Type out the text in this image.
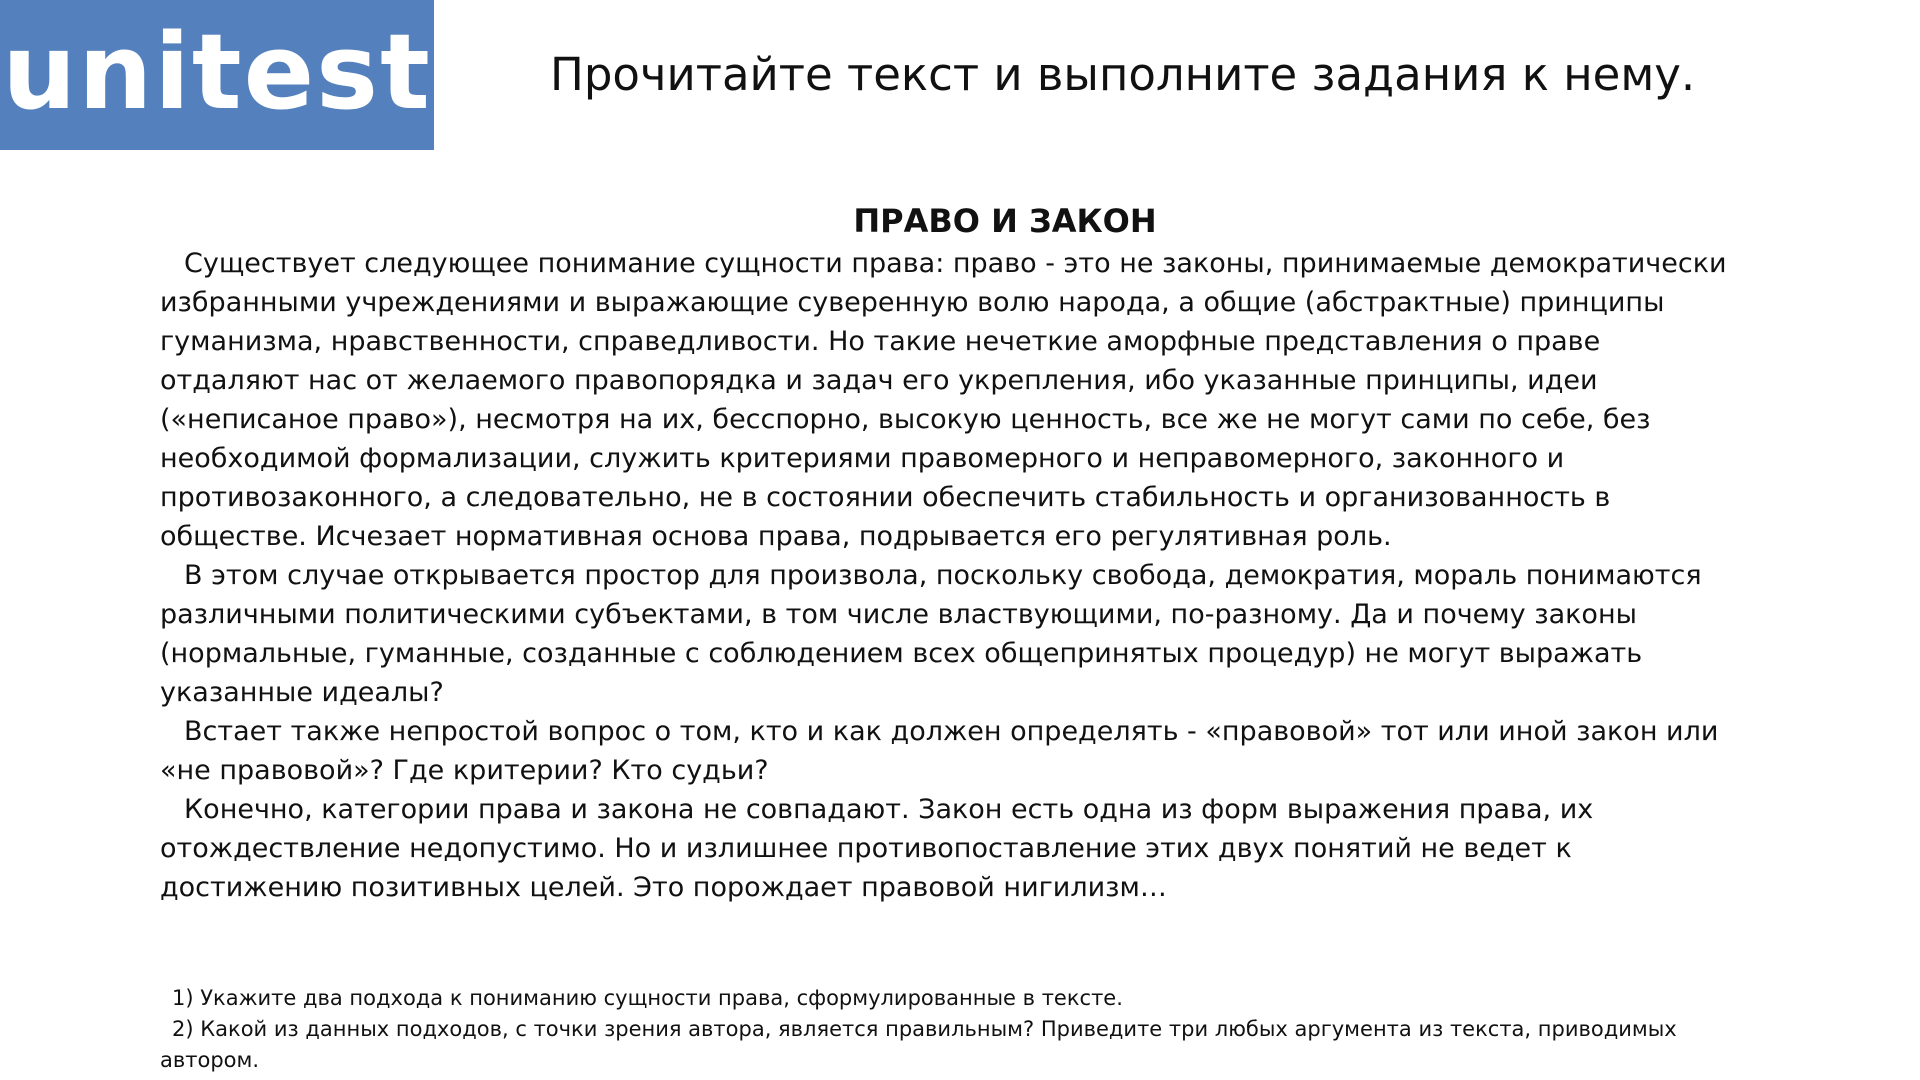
unitest	Прочитайте текст и выполните задания к нему.
ПРАВО И ЗАКОН

Существует следующее понимание сущности права: право - это не законы, принимаемые демократически избранными учреждениями и выражающие суверенную волю народа, а общие (абстрактные) принципы гуманизма, нравственности, справедливости. Но такие нечеткие аморфные представления о праве отдаляют нас от желаемого правопорядка и задач его укрепления, ибо указанные принципы, идеи («неписаное право»), несмотря на их, бесспорно, высокую ценность, все же не могут сами по себе, без необходимой формализации, служить критериями правомерного и неправомерного, законного и противозаконного, а следовательно, не в состоянии обеспечить стабильность и организованность в обществе. Исчезает нормативная основа права, подрывается его регулятивная роль.

В этом случае открывается простор для произвола, поскольку свобода, демократия, мораль понимаются различными политическими субъектами, в том числе властвующими, по-разному. Да и почему законы (нормальные, гуманные, созданные с соблюдением всех общепринятых процедур) не могут выражать указанные идеалы?

Встает также непростой вопрос о том, кто и как должен определять - «правовой» тот или иной закон или «не правовой»? Где критерии? Кто судьи?

Конечно, категории права и закона не совпадают. Закон есть одна из форм выражения права, их отождествление недопустимо. Но и излишнее противопоставление этих двух понятий не ведет к достижению позитивных целей. Это порождает правовой нигилизм…

1) Укажите два подхода к пониманию сущности права, сформулированные в тексте.

2) Какой из данных подходов, с точки зрения автора, является правильным? Приведите три любых аргумента из текста, приводимых автором.
